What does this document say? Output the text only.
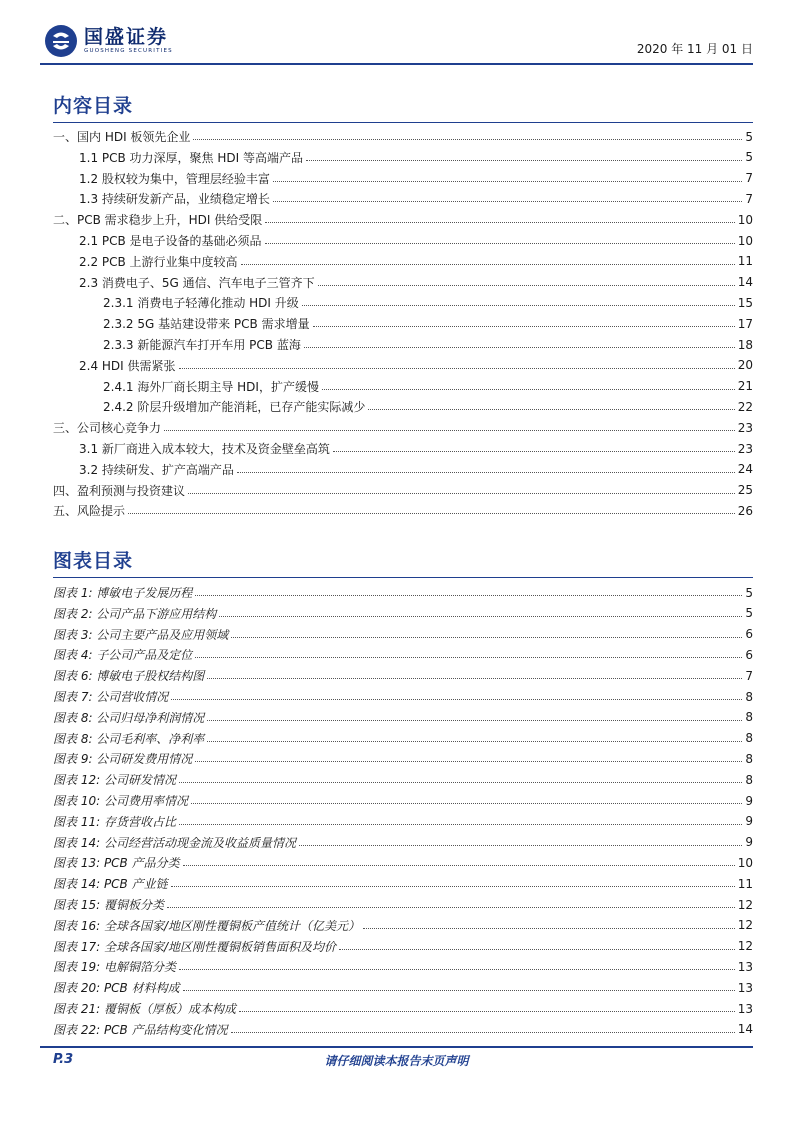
国盛证券
GUOSHENG SECURITIES	2020 年 11 月 01 日
内容目录
一、国内 HDI 板领先企业	5
1.1 PCB 功力深厚，聚焦 HDI 等高端产品	5
1.2 股权较为集中，管理层经验丰富	7
1.3 持续研发新产品，业绩稳定增长	7
二、PCB 需求稳步上升，HDI 供给受限	10
2.1 PCB 是电子设备的基础必须品	10
2.2 PCB 上游行业集中度较高	11
2.3 消费电子、5G 通信、汽车电子三管齐下	14
2.3.1 消费电子轻薄化推动 HDI 升级	15
2.3.2 5G 基站建设带来 PCB 需求增量	17
2.3.3 新能源汽车打开车用 PCB 蓝海	18
2.4 HDI 供需紧张	20
2.4.1 海外厂商长期主导 HDI，扩产缓慢	21
2.4.2 阶层升级增加产能消耗，已存产能实际减少	22
三、公司核心竞争力	23
3.1 新厂商进入成本较大，技术及资金壁垒高筑	23
3.2 持续研发、扩产高端产品	24
四、盈利预测与投资建议	25
五、风险提示	26
图表目录
图表 1: 博敏电子发展历程	5
图表 2: 公司产品下游应用结构	5
图表 3: 公司主要产品及应用领域	6
图表 4: 子公司产品及定位	6
图表 6: 博敏电子股权结构图	7
图表 7: 公司营收情况	8
图表 8: 公司归母净利润情况	8
图表 8: 公司毛利率、净利率	8
图表 9: 公司研发费用情况	8
图表 12: 公司研发情况	8
图表 10: 公司费用率情况	9
图表 11: 存货营收占比	9
图表 14: 公司经营活动现金流及收益质量情况	9
图表 13: PCB 产品分类	10
图表 14: PCB 产业链	11
图表 15: 覆铜板分类	12
图表 16: 全球各国家/地区刚性覆铜板产值统计（亿美元）	12
图表 17: 全球各国家/地区刚性覆铜板销售面积及均价	12
图表 19: 电解铜箔分类	13
图表 20: PCB 材料构成	13
图表 21: 覆铜板（厚板）成本构成	13
图表 22: PCB 产品结构变化情况	14
P.3	请仔细阅读本报告末页声明
